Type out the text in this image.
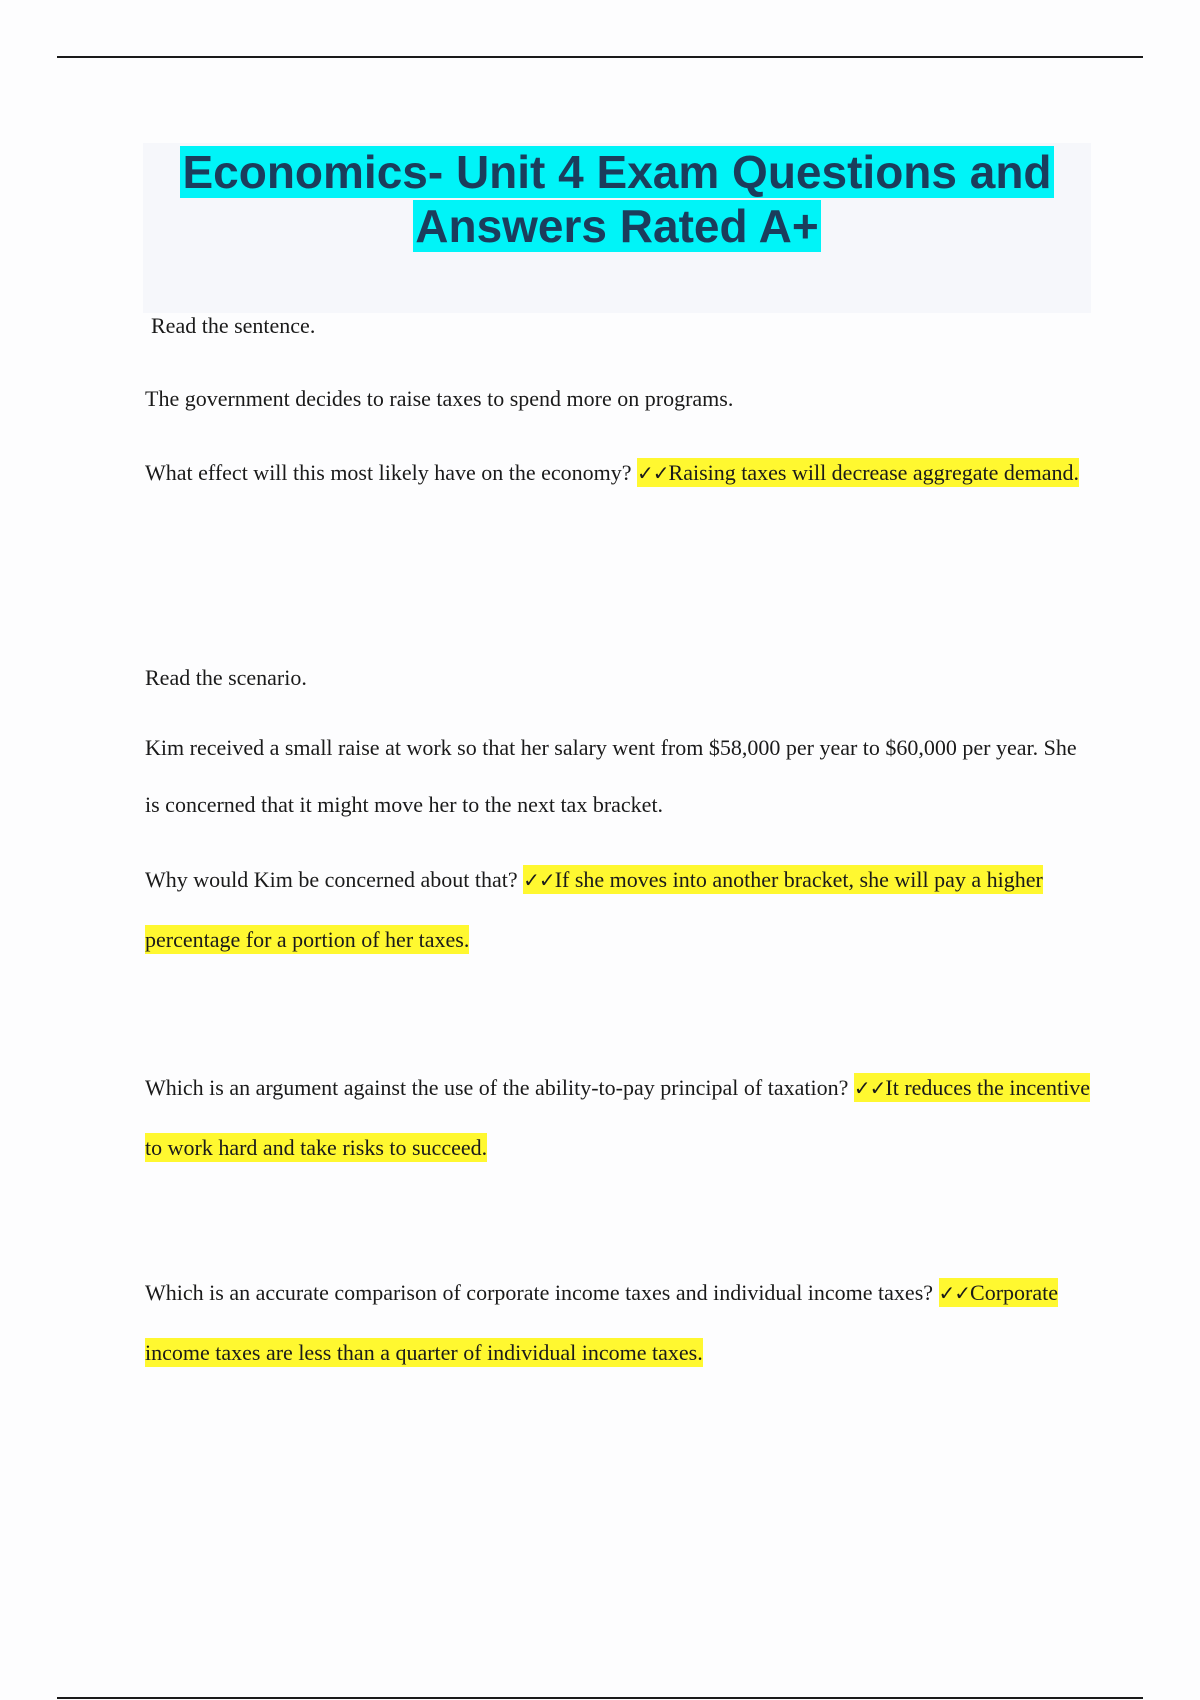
Economics- Unit 4 Exam Questions and
Answers Rated A+

Read the sentence.

The government decides to raise taxes to spend more on programs.

What effect will this most likely have on the economy? ✓✓Raising taxes will decrease aggregate demand.

Read the scenario.

Kim received a small raise at work so that her salary went from $58,000 per year to $60,000 per year. She is concerned that it might move her to the next tax bracket.

Why would Kim be concerned about that? ✓✓If she moves into another bracket, she will pay a higher percentage for a portion of her taxes.

Which is an argument against the use of the ability-to-pay principal of taxation? ✓✓It reduces the incentive to work hard and take risks to succeed.

Which is an accurate comparison of corporate income taxes and individual income taxes? ✓✓Corporate income taxes are less than a quarter of individual income taxes.
